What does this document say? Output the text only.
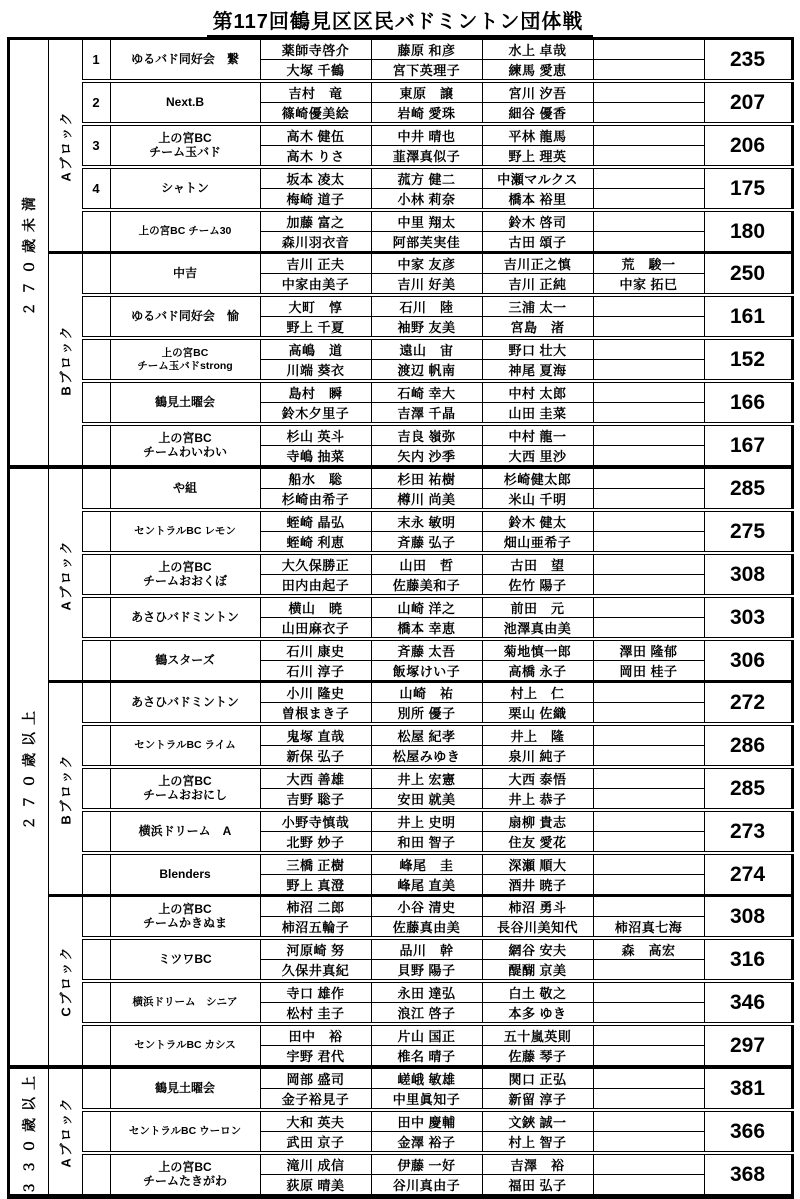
第117回鶴見区区民バドミントン団体戦
２７０歳未満	Aブロック	1	ゆるバド同好会　繋	薬師寺啓介	藤原 和彦	水上 卓哉		235
				大塚 千鶴	宮下英理子	練馬 愛恵		
		2	Next.B	吉村　竜	東原　譲	宮川 汐吾		207
				篠崎優美絵	岩崎 愛珠	細谷 優香		
		3	上の宮BC
チーム玉バド	高木 健伍	中井 晴也	平林 龍馬		206
				高木 りさ	韮澤真似子	野上 理英		
		4	シャトン	坂本 凌太	菰方 健二	中瀬マルクス		175
				梅崎 道子	小林 莉奈	橋本 裕里		
			上の宮BC チーム30	加藤 富之	中里 翔太	鈴木 啓司		180
				森川羽衣音	阿部芙実佳	古田 頌子		

	Bブロック		中吉	吉川 正夫	中家 友彦	吉川正之慎	荒　駿一	250
				中家由美子	吉川 好美	吉川 正純	中家 拓巳	
			ゆるバド同好会　愉	大町　惇	石川　陸	三浦 太一		161
				野上 千夏	袖野 友美	宮島　渚		
			上の宮BC
チーム玉バドstrong	高嶋　道	遠山　宙	野口 壮大		152
				川端 葵衣	渡辺 帆南	神尾 夏海		
			鶴見土曜会	島村　瞬	石崎 幸大	中村 太郎		166
				鈴木夕里子	吉澤 千晶	山田 圭菜		
			上の宮BC
チームわいわい	杉山 英斗	吉良 嶺弥	中村 龍一		167
				寺嶋 抽菜	矢内 沙季	大西 里沙		

２７０歳以上	Aブロック		や組	船水　聡	杉田 祐樹	杉崎健太郎		285
				杉崎由希子	樽川 尚美	米山 千明		
			セントラルBC レモン	蛭崎 晶弘	末永 敏明	鈴木 健太		275
				蛭崎 利恵	斉藤 弘子	畑山亜希子		
			上の宮BC
チームおおくぼ	大久保勝正	山田　哲	古田　望		308
				田内由起子	佐藤美和子	佐竹 陽子		
			あさひバドミントン	横山　暁	山崎 洋之	前田　元		303
				山田麻衣子	橋本 幸恵	池澤真由美		
			鶴スターズ	石川 康史	斉藤 太吾	菊地慎一郎	澤田 隆郁	306
				石川 淳子	飯塚けい子	高橋 永子	岡田 桂子	

	Bブロック		あさひバドミントン	小川 隆史	山崎　祐	村上　仁		272
				曽根まき子	別所 優子	栗山 佐織		
			セントラルBC ライム	鬼塚 直哉	松屋 紀孝	井上　隆		286
				新保 弘子	松屋みゆき	泉川 純子		
			上の宮BC
チームおおにし	大西 善雄	井上 宏憲	大西 泰悟		285
				吉野 聡子	安田 就美	井上 恭子		
			横浜ドリーム　A	小野寺慎哉	井上 史明	扇柳 貴志		273
				北野 妙子	和田 智子	住友 愛花		
			Blenders	三橋 正樹	峰尾　圭	深瀬 順大		274
				野上 真澄	峰尾 直美	酒井 暁子		

	Cブロック		上の宮BC
チームかきぬま	柿沼 二郎	小谷 清史	柿沼 勇斗		308
				柿沼五輪子	佐藤真由美	長谷川美知代	柿沼真七海	
			ミツワBC	河原崎 努	品川　幹	網谷 安夫	森　高宏	316
				久保井真紀	貝野 陽子	醍醐 京美		
			横浜ドリーム　シニア	寺口 雄作	永田 達弘	白土 敬之		346
				松村 圭子	浪江 啓子	本多 ゆき		
			セントラルBC カシス	田中　裕	片山 国正	五十嵐英則		297
				宇野 君代	椎名 晴子	佐藤 琴子		

３３０歳以上	Aブロック		鶴見土曜会	岡部 盛司	嵯峨 敏雄	関口 正弘		381
				金子裕見子	中里眞知子	新留 淳子		
			セントラルBC ウーロン	大和 英夫	田中 慶輔	文鋏 誠一		366
				武田 京子	金澤 裕子	村上 智子		
			上の宮BC
チームたきがわ	滝川 成信	伊藤 一好	吉澤　裕		368
				荻原 晴美	谷川真由子	福田 弘子		
